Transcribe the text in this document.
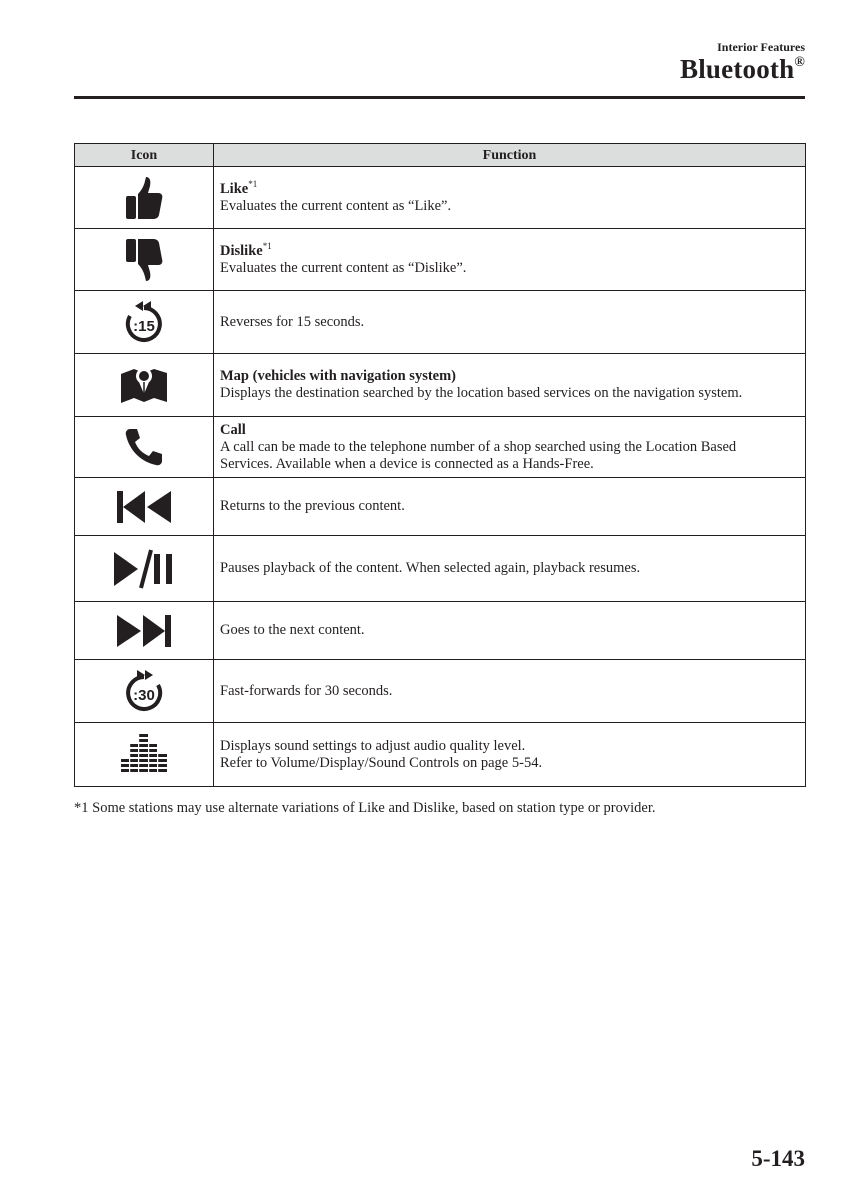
Interior Features
Bluetooth®
Icon	Function

Like$^{*1}$
Evaluates the current content as “Like”.

Dislike$^{*1}$
Evaluates the current content as “Dislike”.

:15	Reverses for 15 seconds.

Map (vehicles with navigation system)
Displays the destination searched by the location based services on the navigation system.

Call
A call can be made to the telephone number of a shop searched using the Location Based
Services. Available when a device is connected as a Hands-Free.

Returns to the previous content.

Pauses playback of the content. When selected again, playback resumes.

Goes to the next content.

:30	Fast-forwards for 30 seconds.

Displays sound settings to adjust audio quality level.
Refer to Volume/Display/Sound Controls on page 5-54.
*1 Some stations may use alternate variations of Like and Dislike, based on station type or provider.
5-143
